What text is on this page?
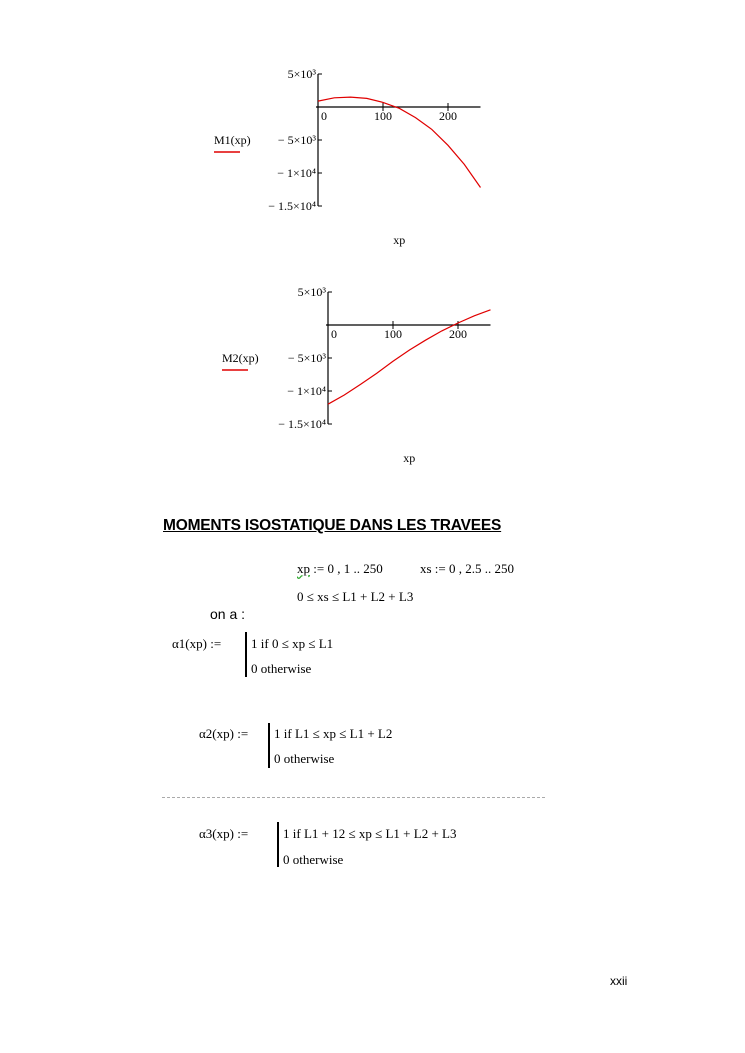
5×10³
− 5×10³
− 1×10⁴
− 1.5×10⁴
0	100	200
M1(xp)
xp
5×10³
− 5×10³
− 1×10⁴
− 1.5×10⁴
0	100	200
M2(xp)
xp
MOMENTS ISOSTATIQUE DANS LES TRAVEES
xp := 0 , 1 .. 250	xs := 0 , 2.5 .. 250
0 ≤ xs ≤ L1 + L2 + L3
on a :
α1(xp) := 1 if 0 ≤ xp ≤ L1
0 otherwise
α2(xp) := 1 if L1 ≤ xp ≤ L1 + L2
0 otherwise
α3(xp) :=	1 if L1 + 12 ≤ xp ≤ L1 + L2 + L3
0 otherwise
xxii
